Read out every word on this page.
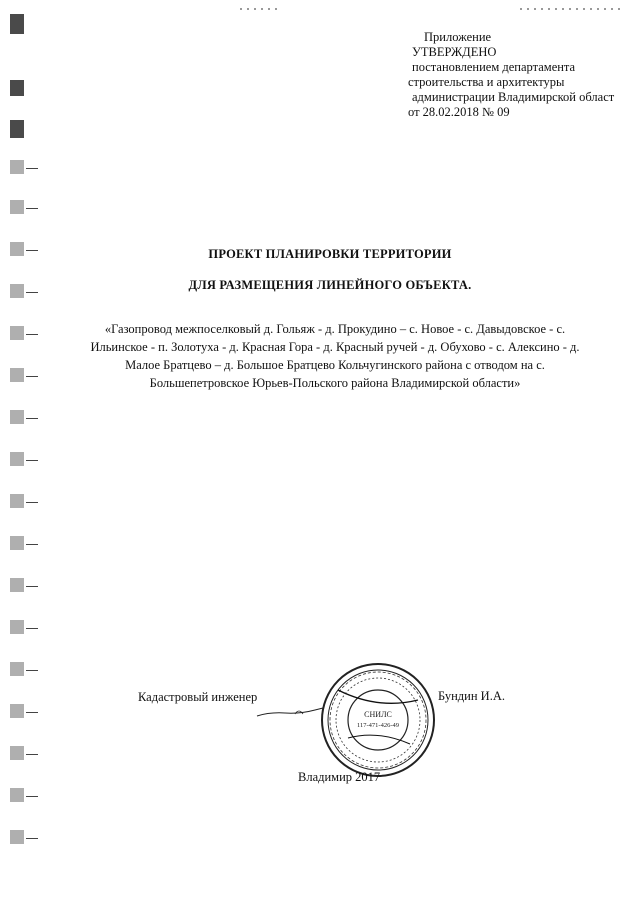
Приложение
УТВЕРЖДЕНО
постановлением департамента
строительства и архитектуры
администрации Владимирской област
от 28.02.2018 № 09
ПРОЕКТ ПЛАНИРОВКИ ТЕРРИТОРИИ
ДЛЯ РАЗМЕЩЕНИЯ ЛИНЕЙНОГО ОБЪЕКТА.
«Газопровод межпоселковый д. Гольяж - д. Прокудино – с. Новое - с. Давыдовское - с.
Ильинское - п. Золотуха - д. Красная Гора - д. Красный ручей - д. Обухово - с. Алексино - д.
Малое Братцево – д. Большое Братцево Кольчугинского района с отводом на с.
Большепетровское Юрьев-Польского района Владимирской области»
Кадастровый инженер
СНИЛС
117-471-426-49
Бундин И.А.
Владимир 2017
